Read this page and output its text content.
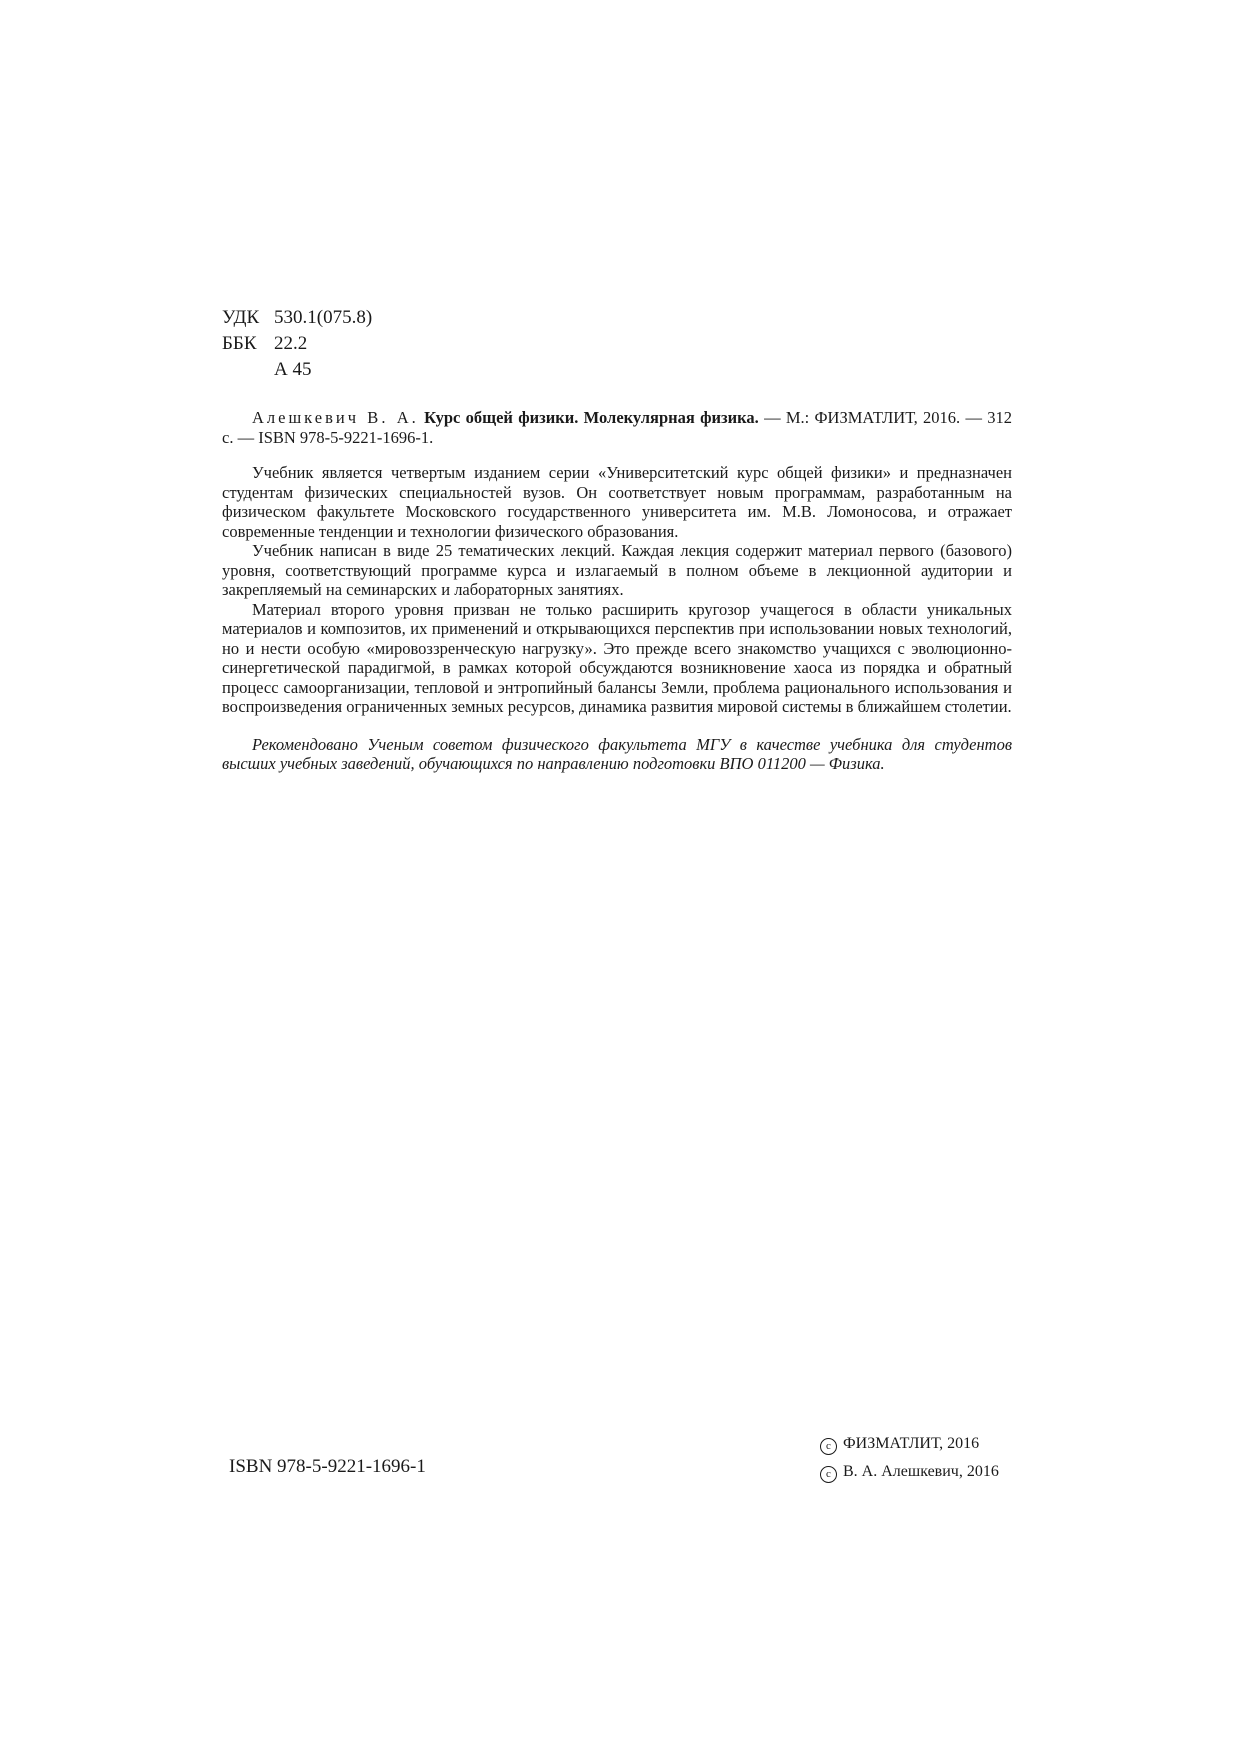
УДК 530.1(075.8)
ББК 22.2
А 45

Алешкевич В. А. Курс общей физики. Молекулярная физика. — М.: ФИЗМАТЛИТ, 2016. — 312 с. — ISBN 978-5-9221-1696-1.

Учебник является четвертым изданием серии «Университетский курс общей физики» и предназначен студентам физических специальностей вузов. Он соответствует новым программам, разработанным на физическом факультете Московского государственного университета им. М.В. Ломоносова, и отражает современные тенденции и технологии физического образования.

Учебник написан в виде 25 тематических лекций. Каждая лекция содержит материал первого (базового) уровня, соответствующий программе курса и излагаемый в полном объеме в лекционной аудитории и закрепляемый на семинарских и лабораторных занятиях.

Материал второго уровня призван не только расширить кругозор учащегося в области уникальных материалов и композитов, их применений и открывающихся перспектив при использовании новых технологий, но и нести особую «мировоззренческую нагрузку». Это прежде всего знакомство учащихся с эволюционно-синергетической парадигмой, в рамках которой обсуждаются возникновение хаоса из порядка и обратный процесс самоорганизации, тепловой и энтропийный балансы Земли, проблема рационального использования и воспроизведения ограниченных земных ресурсов, динамика развития мировой системы в ближайшем столетии.

Рекомендовано Ученым советом физического факультета МГУ в качестве учебника для студентов высших учебных заведений, обучающихся по направлению подготовки ВПО 011200 — Физика.

ISBN 978-5-9221-1696-1
c ФИЗМАТЛИТ, 2016
c В. А. Алешкевич, 2016
